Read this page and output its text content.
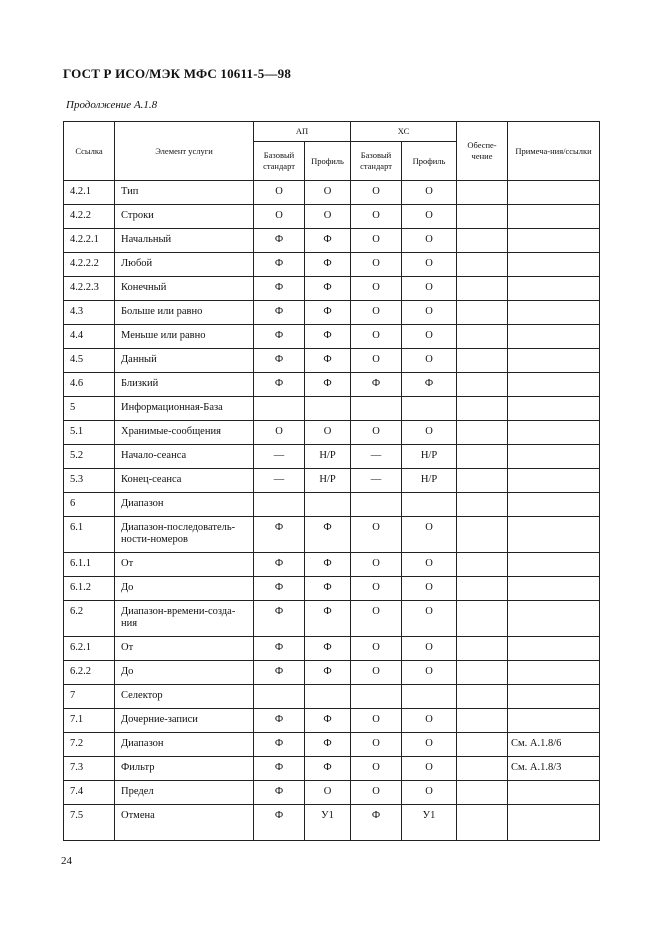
ГОСТ Р ИСО/МЭК МФС 10611-5—98
Продолжение А.1.8
Ссылка	Элемент услуги	АП		ХС		Обеспе-чение	Примеча-ния/ссылки
		Базовый стандарт	Профиль	Базовый стандарт	Профиль		
4.2.1	Тип	О	О	О	О		
4.2.2	Строки	О	О	О	О		
4.2.2.1	Начальный	Ф	Ф	О	О		
4.2.2.2	Любой	Ф	Ф	О	О		
4.2.2.3	Конечный	Ф	Ф	О	О		
4.3	Больше или равно	Ф	Ф	О	О		
4.4	Меньше или равно	Ф	Ф	О	О		
4.5	Данный	Ф	Ф	О	О		
4.6	Близкий	Ф	Ф	Ф	Ф		
5	Информационная-База						
5.1	Хранимые-сообщения	О	О	О	О		
5.2	Начало-сеанса	—	Н/Р	—	Н/Р		
5.3	Конец-сеанса	—	Н/Р	—	Н/Р		
6	Диапазон						
6.1	Диапазон-последователь-ности-номеров	Ф	Ф	О	О		
6.1.1	От	Ф	Ф	О	О		
6.1.2	До	Ф	Ф	О	О		
6.2	Диапазон-времени-созда-ния	Ф	Ф	О	О		
6.2.1	От	Ф	Ф	О	О		
6.2.2	До	Ф	Ф	О	О		
7	Селектор						
7.1	Дочерние-записи	Ф	Ф	О	О		
7.2	Диапазон	Ф	Ф	О	О		См. А.1.8/6
7.3	Фильтр	Ф	Ф	О	О		См. А.1.8/3
7.4	Предел	Ф	О	О	О		
7.5	Отмена	Ф	У1	Ф	У1		
24
